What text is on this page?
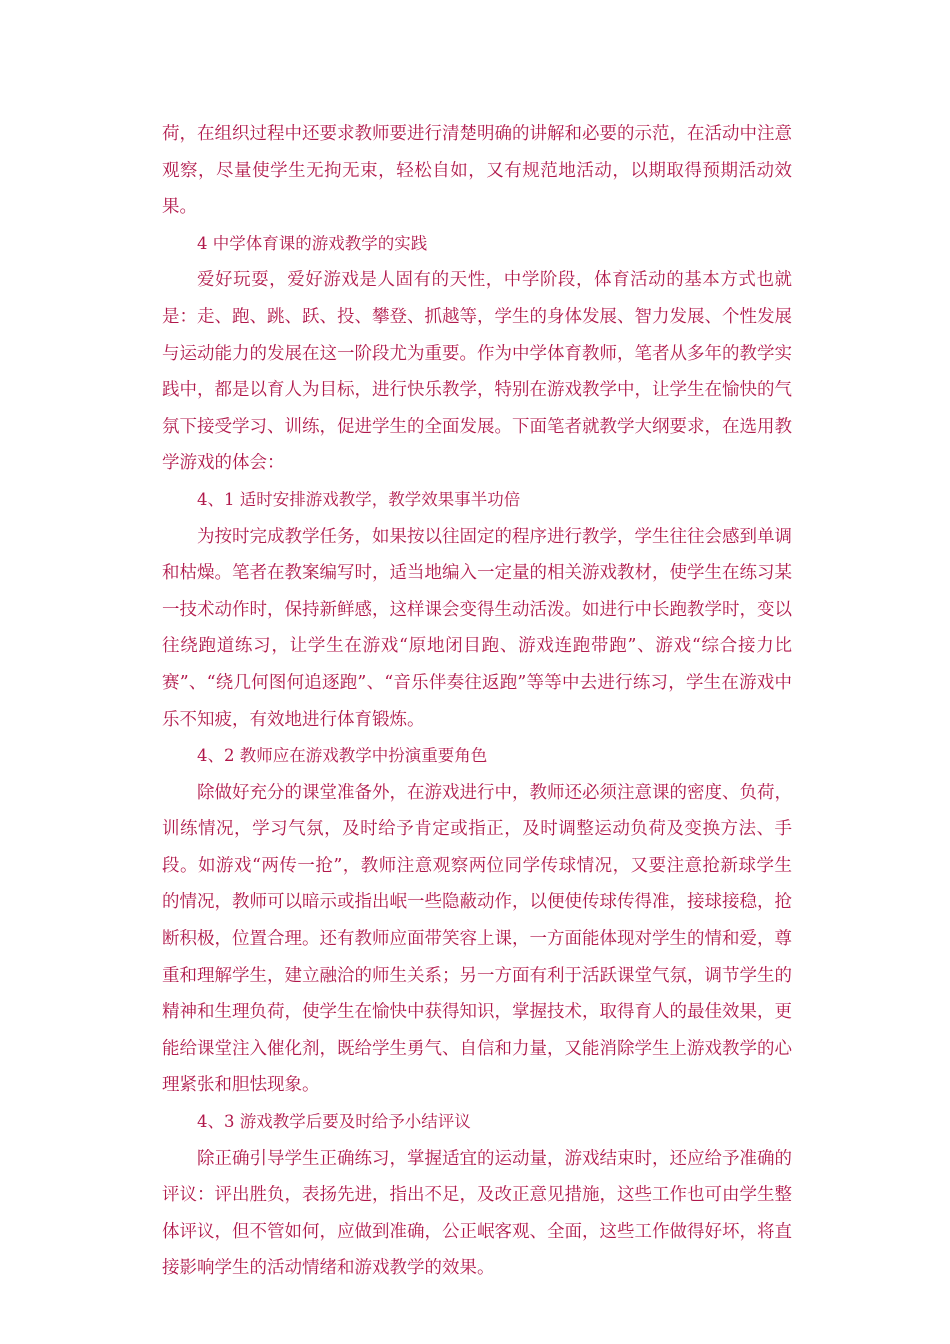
荷，在组织过程中还要求教师要进行清楚明确的讲解和必要的示范，在活动中注意观察，尽量使学生无拘无束，轻松自如，又有规范地活动，以期取得预期活动效果。

4 中学体育课的游戏教学的实践

爱好玩耍，爱好游戏是人固有的天性，中学阶段，体育活动的基本方式也就是：走、跑、跳、跃、投、攀登、抓越等，学生的身体发展、智力发展、个性发展与运动能力的发展在这一阶段尤为重要。作为中学体育教师，笔者从多年的教学实践中，都是以育人为目标，进行快乐教学，特别在游戏教学中，让学生在愉快的气氛下接受学习、训练，促进学生的全面发展。下面笔者就教学大纲要求，在选用教学游戏的体会：

4、1 适时安排游戏教学，教学效果事半功倍

为按时完成教学任务，如果按以往固定的程序进行教学，学生往往会感到单调和枯燥。笔者在教案编写时，适当地编入一定量的相关游戏教材，使学生在练习某一技术动作时，保持新鲜感，这样课会变得生动活泼。如进行中长跑教学时，变以往绕跑道练习，让学生在游戏“原地闭目跑、游戏连跑带跑”、游戏“综合接力比赛”、“绕几何图何追逐跑”、“音乐伴奏往返跑”等等中去进行练习，学生在游戏中乐不知疲，有效地进行体育锻炼。

4、2 教师应在游戏教学中扮演重要角色

除做好充分的课堂准备外，在游戏进行中，教师还必须注意课的密度、负荷，训练情况，学习气氛，及时给予肯定或指正，及时调整运动负荷及变换方法、手段。如游戏“两传一抢”，教师注意观察两位同学传球情况，又要注意抢新球学生的情况，教师可以暗示或指出岷一些隐蔽动作，以便使传球传得准，接球接稳，抢断积极，位置合理。还有教师应面带笑容上课，一方面能体现对学生的情和爱，尊重和理解学生，建立融洽的师生关系；另一方面有利于活跃课堂气氛，调节学生的精神和生理负荷，使学生在愉快中获得知识，掌握技术，取得育人的最佳效果，更能给课堂注入催化剂，既给学生勇气、自信和力量，又能消除学生上游戏教学的心理紧张和胆怯现象。

4、3 游戏教学后要及时给予小结评议

除正确引导学生正确练习，掌握适宜的运动量，游戏结束时，还应给予准确的评议：评出胜负，表扬先进，指出不足，及改正意见措施，这些工作也可由学生整体评议，但不管如何，应做到准确，公正岷客观、全面，这些工作做得好坏，将直接影响学生的活动情绪和游戏教学的效果。
